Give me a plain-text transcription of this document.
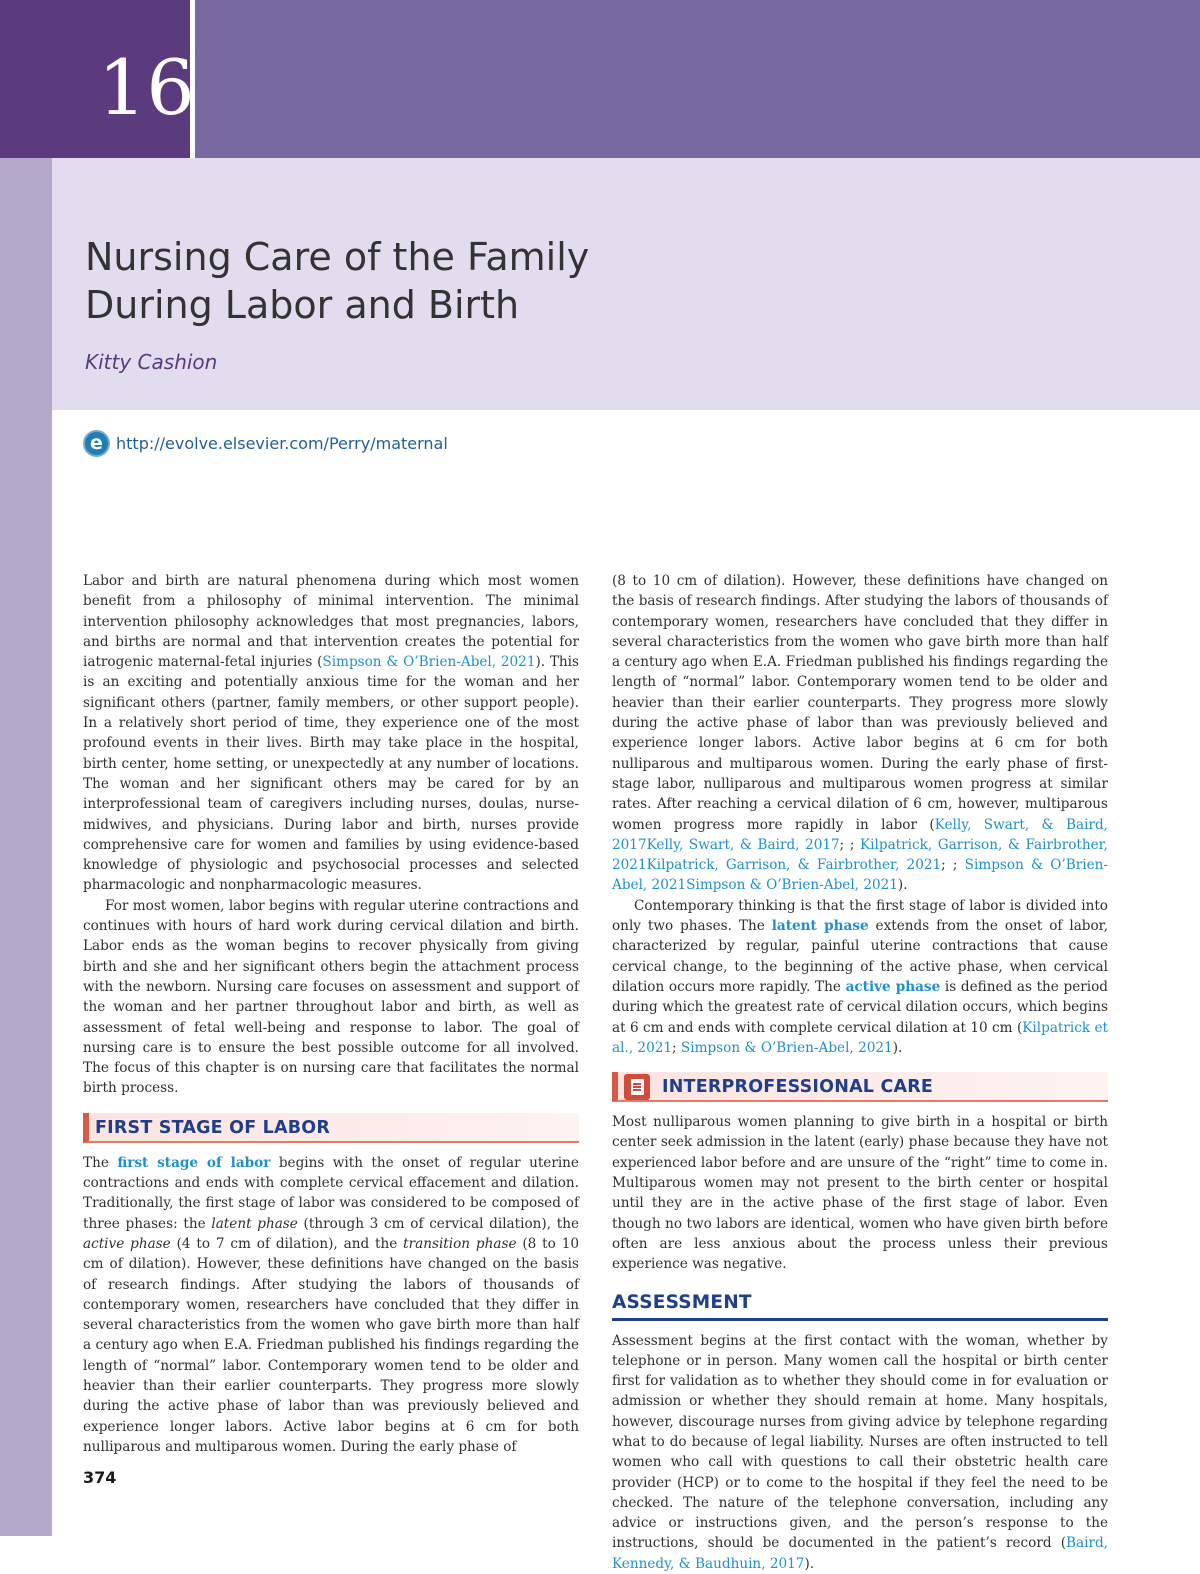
16
Nursing Care of the Family
During Labor and Birth
Kitty Cashion
e http://evolve.elsevier.com/Perry/maternal

Labor and birth are natural phenomena during which most women benefit from a philosophy of minimal intervention. The minimal intervention philosophy acknowledges that most pregnancies, labors, and births are normal and that intervention creates the potential for iatrogenic maternal-fetal injuries (Simpson & O’Brien-Abel, 2021). This is an exciting and potentially anxious time for the woman and her significant others (partner, family members, or other support people). In a relatively short period of time, they experience one of the most profound events in their lives. Birth may take place in the hospital, birth center, home setting, or unexpectedly at any number of locations. The woman and her significant others may be cared for by an interprofessional team of caregivers including nurses, doulas, nurse-midwives, and physicians. During labor and birth, nurses provide comprehensive care for women and families by using evidence-based knowledge of physiologic and psychosocial processes and selected pharmacologic and nonpharmacologic measures.

For most women, labor begins with regular uterine contractions and continues with hours of hard work during cervical dilation and birth. Labor ends as the woman begins to recover physically from giving birth and she and her significant others begin the attachment process with the newborn. Nursing care focuses on assessment and support of the woman and her partner throughout labor and birth, as well as assessment of fetal well-being and response to labor. The goal of nursing care is to ensure the best possible outcome for all involved. The focus of this chapter is on nursing care that facilitates the normal birth process.

FIRST STAGE OF LABOR

The first stage of labor begins with the onset of regular uterine contractions and ends with complete cervical effacement and dilation. Traditionally, the first stage of labor was considered to be composed of three phases: the latent phase (through 3 cm of cervical dilation), the active phase (4 to 7 cm of dilation), and the transition phase (8 to 10 cm of dilation). However, these definitions have changed on the basis of research findings. After studying the labors of thousands of contemporary women, researchers have concluded that they differ in several characteristics from the women who gave birth more than half a century ago when E.A. Friedman published his findings regarding the length of “normal” labor. Contemporary women tend to be older and heavier than their earlier counterparts. They progress more slowly during the active phase of labor than was previously believed and experience longer labors. Active labor begins at 6 cm for both nulliparous and multiparous women. During the early phase of

(8 to 10 cm of dilation). However, these definitions have changed on the basis of research findings. After studying the labors of thousands of contemporary women, researchers have concluded that they differ in several characteristics from the women who gave birth more than half a century ago when E.A. Friedman published his findings regarding the length of “normal” labor. Contemporary women tend to be older and heavier than their earlier counterparts. They progress more slowly during the active phase of labor than was previously believed and experience longer labors. Active labor begins at 6 cm for both nulliparous and multiparous women. During the early phase of first-stage labor, nulliparous and multiparous women progress at similar rates. After reaching a cervical dilation of 6 cm, however, multiparous women progress more rapidly in labor (Kelly, Swart, & Baird, 2017Kelly, Swart, & Baird, 2017; ; Kilpatrick, Garrison, & Fairbrother, 2021Kilpatrick, Garrison, & Fairbrother, 2021; ; Simpson & O’Brien-Abel, 2021Simpson & O’Brien-Abel, 2021).

Contemporary thinking is that the first stage of labor is divided into only two phases. The latent phase extends from the onset of labor, characterized by regular, painful uterine contractions that cause cervical change, to the beginning of the active phase, when cervical dilation occurs more rapidly. The active phase is defined as the period during which the greatest rate of cervical dilation occurs, which begins at 6 cm and ends with complete cervical dilation at 10 cm (Kilpatrick et al., 2021; Simpson & O’Brien-Abel, 2021).

INTERPROFESSIONAL CARE

Most nulliparous women planning to give birth in a hospital or birth center seek admission in the latent (early) phase because they have not experienced labor before and are unsure of the “right” time to come in. Multiparous women may not present to the birth center or hospital until they are in the active phase of the first stage of labor. Even though no two labors are identical, women who have given birth before often are less anxious about the process unless their previous experience was negative.

ASSESSMENT

Assessment begins at the first contact with the woman, whether by telephone or in person. Many women call the hospital or birth center first for validation as to whether they should come in for evaluation or admission or whether they should remain at home. Many hospitals, however, discourage nurses from giving advice by telephone regarding what to do because of legal liability. Nurses are often instructed to tell women who call with questions to call their obstetric health care provider (HCP) or to come to the hospital if they feel the need to be checked. The nature of the telephone conversation, including any advice or instructions given, and the person’s response to the instructions, should be documented in the patient’s record (Baird, Kennedy, & Baudhuin, 2017).

374
